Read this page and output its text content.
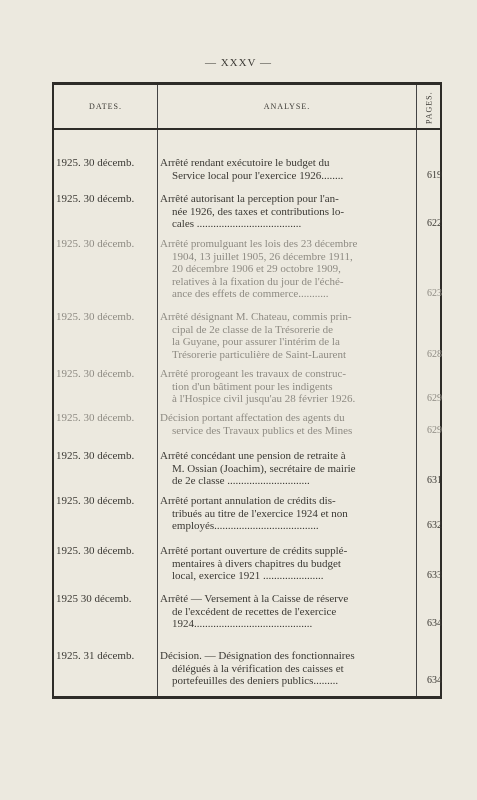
— XXXV —
DATES.	ANALYSE.	PAGES.
1925. 30 décemb.	Arrêté rendant exécutoire le budget du
Service local pour l'exercice 1926........	619
1925. 30 décemb.	Arrêté autorisant la perception pour l'an-
née 1926, des taxes et contributions lo-
cales ......................................	622
1925. 30 décemb.	Arrêté promulguant les lois des 23 décembre
1904, 13 juillet 1905, 26 décembre 1911,
20 décembre 1906 et 29 octobre 1909,
relatives à la fixation du jour de l'éché-
ance des effets de commerce...........	623
1925. 30 décemb.	Arrêté désignant M. Chateau, commis prin-
cipal de 2e classe de la Trésorerie de
la Guyane, pour assurer l'intérim de la
Trésorerie particulière de Saint-Laurent	628
1925. 30 décemb.	Arrêté prorogeant les travaux de construc-
tion d'un bâtiment pour les indigents
à l'Hospice civil jusqu'au 28 février 1926.	629
1925. 30 décemb.	Décision portant affectation des agents du
service des Travaux publics et des Mines	629
1925. 30 décemb.	Arrêté concédant une pension de retraite à
M. Ossian (Joachim), secrétaire de mairie
de 2e classe ..............................	631
1925. 30 décemb.	Arrêté portant annulation de crédits dis-
tribués au titre de l'exercice 1924 et non
employés......................................	632
1925. 30 décemb.	Arrêté portant ouverture de crédits supplé-
mentaires à divers chapitres du budget
local, exercice 1921 ......................	633
1925 30 décemb.	Arrêté — Versement à la Caisse de réserve
de l'excédent de recettes de l'exercice
1924...........................................	634
1925. 31 décemb.	Décision. — Désignation des fonctionnaires
délégués à la vérification des caisses et
portefeuilles des deniers publics.........	634
